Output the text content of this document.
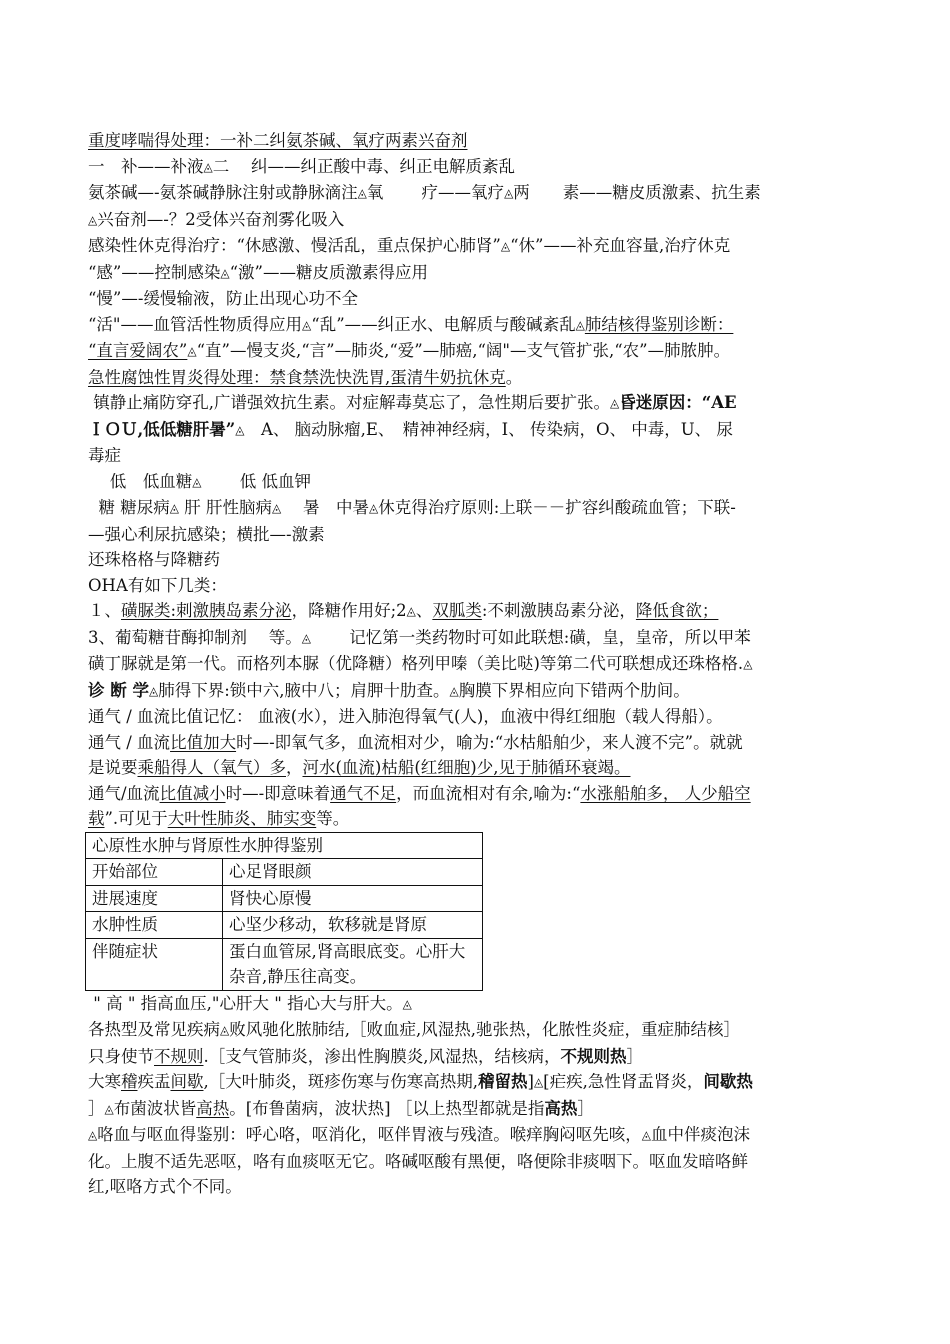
重度哮喘得处理：一补二纠氨茶碱、氧疗两素兴奋剂
一　补——补液◬二　 纠——纠正酸中毒、纠正电解质紊乱
氨茶碱—-氨茶碱静脉注射或静脉滴注◬氧　　 疗——氧疗◬两　　素——糖皮质激素、抗生素
◬兴奋剂—-？2受体兴奋剂雾化吸入
感染性休克得治疗：“休感激、慢活乱，重点保护心肺肾”◬“休”——补充血容量,治疗休克
“感”——控制感染◬“激”——糖皮质激素得应用
“慢”—-缓慢输液，防止出现心功不全
“活"——血管活性物质得应用◬“乱”——纠正水、电解质与酸碱紊乱◬肺结核得鉴别诊断：
“直言爱阔农”◬“直”—慢支炎,“言”—肺炎,“爱”—肺癌,“阔"—支气管扩张,“农”—肺脓肿。
急性腐蚀性胃炎得处理：禁食禁洗快洗胃,蛋清牛奶抗休克。
镇静止痛防穿孔,广谱强效抗生素。对症解毒莫忘了，急性期后要扩张。◬昏迷原因：“AE
ＩＯＵ,低低糖肝暑”◬　A、 脑动脉瘤,E、　精神神经病，I、 传染病，O、 中毒，U、 尿
毒症
　 低　低血糖◬　　 低 低血钾
糖 糖尿病◬ 肝 肝性脑病◬　 暑　中暑◬休克得治疗原则:上联－－扩容纠酸疏血管；下联-
—强心利尿抗感染；横批—-激素
还珠格格与降糖药
OHA有如下几类：
１、磺脲类:刺激胰岛素分泌，降糖作用好;2◬、双胍类:不刺激胰岛素分泌，降低食欲；
3、葡萄糖苷酶抑制剂　 等。◬　　 记忆第一类药物时可如此联想:磺，皇，皇帝，所以甲苯
磺丁脲就是第一代。而格列本脲（优降糖）格列甲嗪（美比哒)等第二代可联想成还珠格格.◬
诊 断 学◬肺得下界:锁中六,腋中八；肩胛十肋查。◬胸膜下界相应向下错两个肋间。
通气 / 血流比值记忆： 血液(水），进入肺泡得氧气(人)，血液中得红细胞（载人得船）。
通气 / 血流比值加大时—-即氧气多，血流相对少，喻为:“水枯船舶少，来人渡不完”。就就
是说要乘船得人（氧气）多，河水(血流)枯船(红细胞)少,见于肺循环衰竭。
通气/血流比值减小时—-即意味着通气不足，而血流相对有余,喻为:“水涨船舶多， 人少船空
载”.可见于大叶性肺炎、肺实变等。
心原性水肿与肾原性水肿得鉴别	
开始部位	心足肾眼颜
进展速度	肾快心原慢
水肿性质	心坚少移动，软移就是肾原
伴随症状	蛋白血管尿,肾高眼底变。心肝大杂音,静压往高变。
" 高 " 指高血压,"心肝大 " 指心大与肝大。◬
各热型及常见疾病◬败风驰化脓肺结,［败血症,风湿热,驰张热，化脓性炎症，重症肺结核］
只身使节不规则.［支气管肺炎，渗出性胸膜炎,风湿热，结核病，不规则热］
大寒稽疾盂间歇,［大叶肺炎，斑疹伤寒与伤寒高热期,稽留热]◬[疟疾,急性肾盂肾炎，间歇热
］◬布菌波状皆高热。[布鲁菌病，波状热] ［以上热型都就是指高热］
◬咯血与呕血得鉴别：呼心咯，呕消化，呕伴胃液与残渣。喉痒胸闷呕先咳，◬血中伴痰泡沫
化。上腹不适先恶呕，咯有血痰呕无它。咯碱呕酸有黑便，咯便除非痰咽下。呕血发暗咯鲜
红,呕咯方式个不同。
